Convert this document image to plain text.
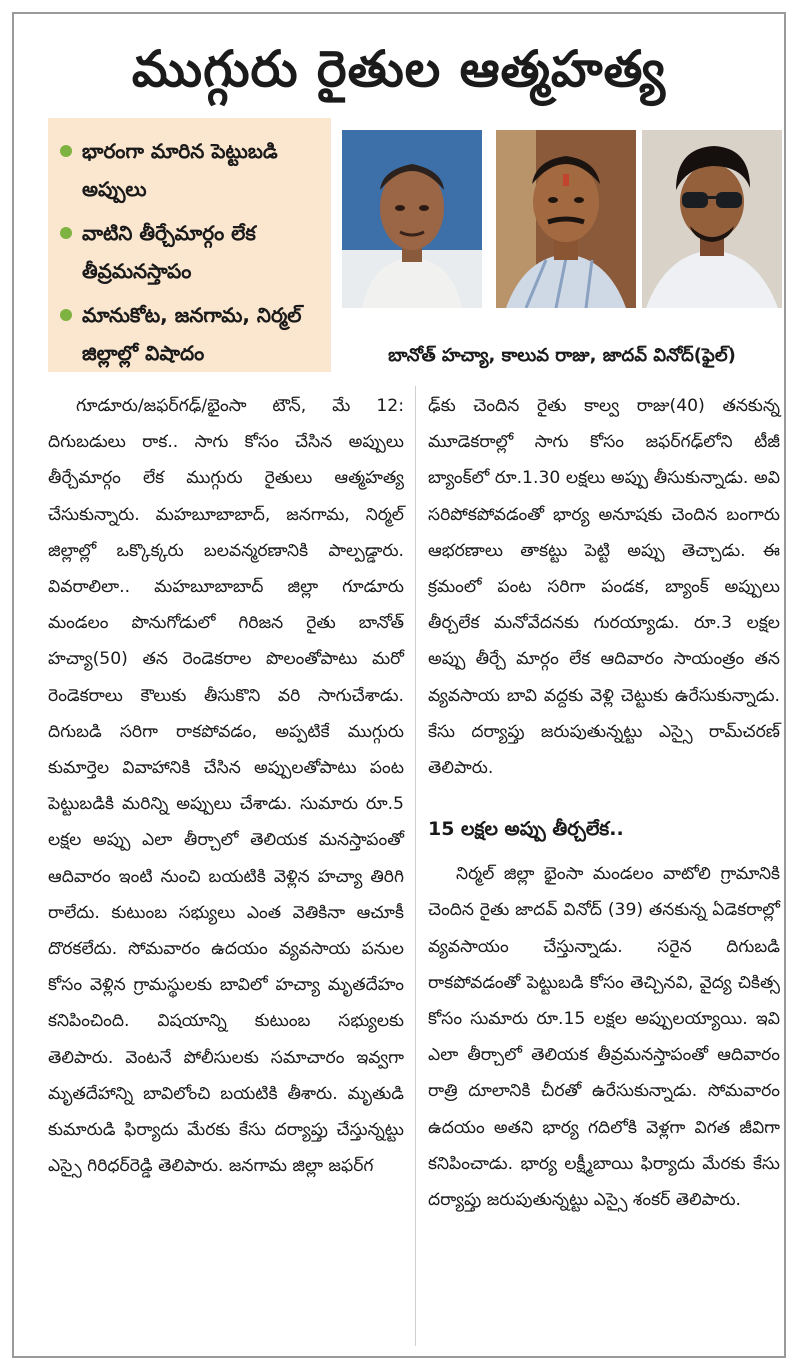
ముగ్గురు రైతుల ఆత్మహత్య
భారంగా మారిన పెట్టుబడి అప్పులు
వాటిని తీర్చేమార్గం లేక తీవ్రమనస్తాపం
మానుకోట, జనగామ, నిర్మల్ జిల్లాల్లో విషాదం	బానోత్ హచ్యా, కాలువ రాజు, జాదవ్ వినోద్(ఫైల్)

గూడూరు/జఫర్‌గఢ్/భైంసా టౌన్, మే 12: దిగుబడులు రాక.. సాగు కోసం చేసిన అప్పులు తీర్చేమార్గం లేక ముగ్గురు రైతులు ఆత్మహత్య చేసుకున్నారు. మహబూబాబాద్, జనగామ, నిర్మల్ జిల్లాల్లో ఒక్కొక్కరు బలవన్మరణానికి పాల్పడ్డారు. వివరాలిలా.. మహబూబాబాద్ జిల్లా గూడూరు మండలం పొనుగోడులో గిరిజన రైతు బానోత్ హచ్యా(50) తన రెండెకరాల పొలంతోపాటు మరో రెండెకరాలు కౌలుకు తీసుకొని వరి సాగుచేశాడు. దిగుబడి సరిగా రాకపోవడం, అప్పటికే ముగ్గురు కుమార్తెల వివాహానికి చేసిన అప్పులతోపాటు పంట పెట్టుబడికి మరిన్ని అప్పులు చేశాడు. సుమారు రూ.5 లక్షల అప్పు ఎలా తీర్చాలో తెలియక మనస్తాపంతో ఆదివారం ఇంటి నుంచి బయటికి వెళ్లిన హచ్యా తిరిగి రాలేదు. కుటుంబ సభ్యులు ఎంత వెతికినా ఆచూకీ దొరకలేదు. సోమవారం ఉదయం వ్యవసాయ పనుల కోసం వెళ్లిన గ్రామస్థులకు బావిలో హచ్యా మృతదేహం కనిపించింది. విషయాన్ని కుటుంబ సభ్యులకు తెలిపారు. వెంటనే పోలీసులకు సమాచారం ఇవ్వగా మృతదేహాన్ని బావిలోంచి బయటికి తీశారు. మృతుడి కుమారుడి ఫిర్యాదు మేరకు కేసు దర్యాప్తు చేస్తున్నట్టు ఎస్సై గిరిధర్‌రెడ్డి తెలిపారు. జనగామ జిల్లా జఫర్‌గ

ఢ్‌కు చెందిన రైతు కాల్వ రాజు(40) తనకున్న మూడెకరాల్లో సాగు కోసం జఫర్‌గఢ్‌లోని టీజీ బ్యాంక్‌లో రూ.1.30 లక్షలు అప్పు తీసుకున్నాడు. అవి సరిపోకపోవడంతో భార్య అనూషకు చెందిన బంగారు ఆభరణాలు తాకట్టు పెట్టి అప్పు తెచ్చాడు. ఈ క్రమంలో పంట సరిగా పండక, బ్యాంక్ అప్పులు తీర్చలేక మనోవేదనకు గురయ్యాడు. రూ.3 లక్షల అప్పు తీర్చే మార్గం లేక ఆదివారం సాయంత్రం తన వ్యవసాయ బావి వద్దకు వెళ్లి చెట్టుకు ఉరేసుకున్నాడు. కేసు దర్యాప్తు జరుపుతున్నట్టు ఎస్సై రామ్‌చరణ్ తెలిపారు.

15 లక్షల అప్పు తీర్చలేక..

నిర్మల్ జిల్లా భైంసా మండలం వాటోలి గ్రామానికి చెందిన రైతు జాదవ్ వినోద్ (39) తనకున్న ఏడెకరాల్లో వ్యవసాయం చేస్తున్నాడు. సరైన దిగుబడి రాకపోవడంతో పెట్టుబడి కోసం తెచ్చినవి, వైద్య చికిత్స కోసం సుమారు రూ.15 లక్షల అప్పులయ్యాయి. ఇవి ఎలా తీర్చాలో తెలియక తీవ్రమనస్తాపంతో ఆదివారం రాత్రి దూలానికి చీరతో ఉరేసుకున్నాడు. సోమవారం ఉదయం అతని భార్య గదిలోకి వెళ్లగా విగత జీవిగా కనిపించాడు. భార్య లక్ష్మీబాయి ఫిర్యాదు మేరకు కేసు దర్యాప్తు జరుపుతున్నట్టు ఎస్సై శంకర్ తెలిపారు.
